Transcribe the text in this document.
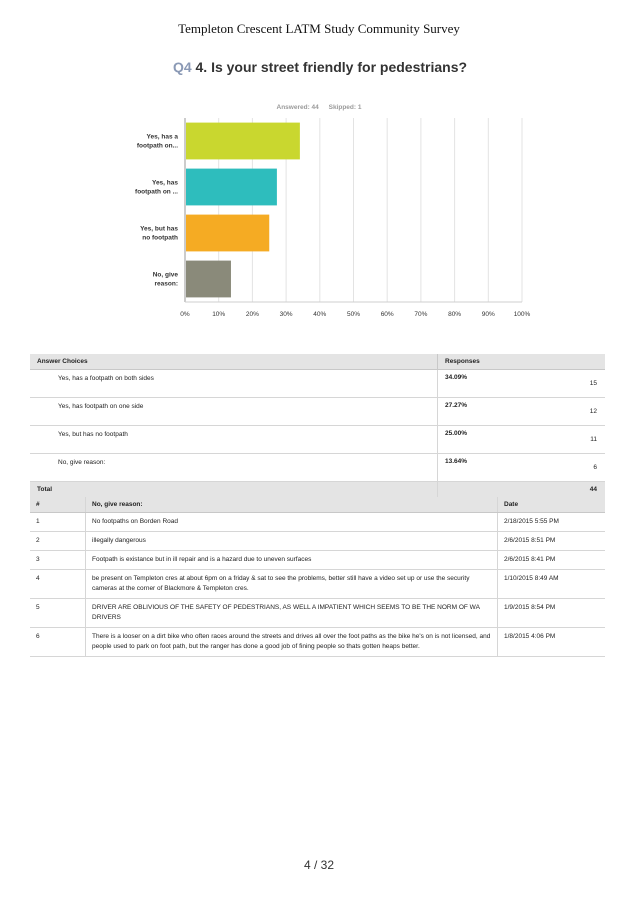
Templeton Crescent LATM Study Community Survey
Q4 4. Is your street friendly for pedestrians?
Answered: 44 Skipped: 1
0%	10%	20%	30%	40%	50%	60%	70%	80%	90%	100%
Yes, has a footpath on...
Yes, has footpath on ...
Yes, but has no footpath
No, give reason:
Answer Choices	Responses	
Yes, has a footpath on both sides	34.09%	15
Yes, has footpath on one side	27.27%	12
Yes, but has no footpath	25.00%	11
No, give reason:	13.64%	6
Total		44
#	No, give reason:	Date
1	No footpaths on Borden Road	2/18/2015 5:55 PM
2	illegally dangerous	2/6/2015 8:51 PM
3	Footpath is existance but in ill repair and is a hazard due to uneven surfaces	2/6/2015 8:41 PM
4	be present on Templeton cres at about 6pm on a friday & sat to see the problems, better still have a video set up or use the security cameras at the corner of Blackmore & Templeton cres.	1/10/2015 8:49 AM
5	DRIVER ARE OBLIVIOUS OF THE SAFETY OF PEDESTRIANS, AS WELL A IMPATIENT WHICH SEEMS TO BE THE NORM OF WA DRIVERS	1/9/2015 8:54 PM
6	There is a looser on a dirt bike who often races around the streets and drives all over the foot paths as the bike he's on is not licensed, and people used to park on foot path, but the ranger has done a good job of fining people so thats gotten heaps better.	1/8/2015 4:06 PM
4 / 32
